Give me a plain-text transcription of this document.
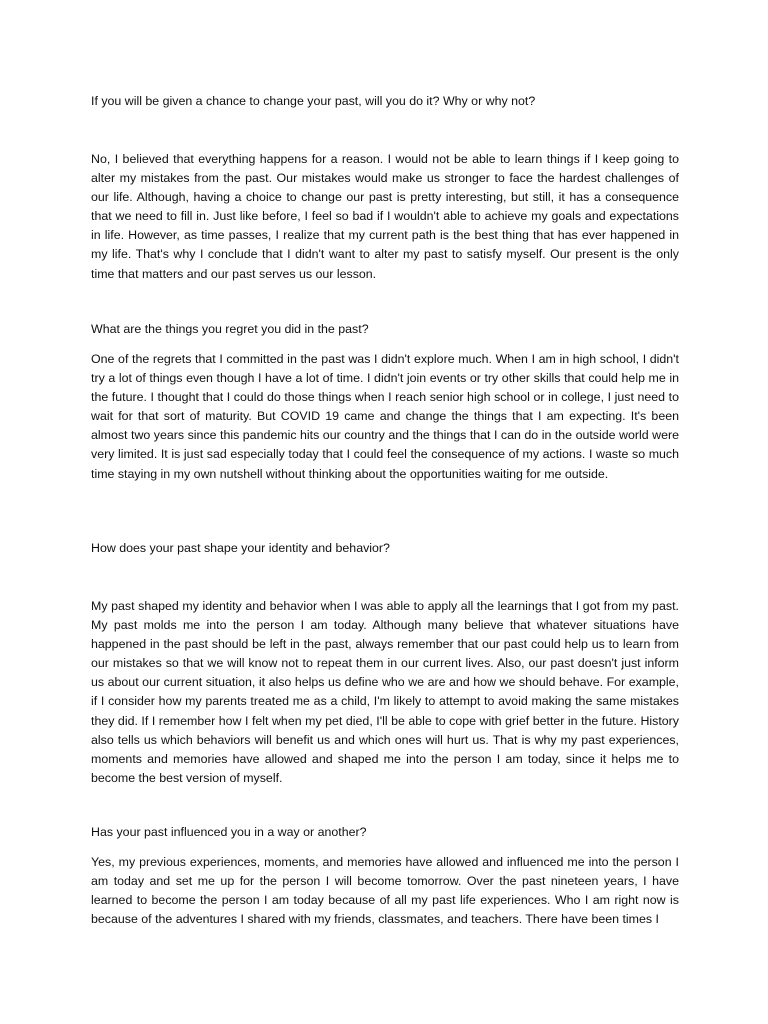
If you will be given a chance to change your past, will you do it? Why or why not?

No, I believed that everything happens for a reason. I would not be able to learn things if I keep going to alter my mistakes from the past. Our mistakes would make us stronger to face the hardest challenges of our life. Although, having a choice to change our past is pretty interesting, but still, it has a consequence that we need to fill in. Just like before, I feel so bad if I wouldn't able to achieve my goals and expectations in life. However, as time passes, I realize that my current path is the best thing that has ever happened in my life. That's why I conclude that I didn't want to alter my past to satisfy myself. Our present is the only time that matters and our past serves us our lesson.

What are the things you regret you did in the past?

One of the regrets that I committed in the past was I didn't explore much. When I am in high school, I didn't try a lot of things even though I have a lot of time. I didn't join events or try other skills that could help me in the future. I thought that I could do those things when I reach senior high school or in college, I just need to wait for that sort of maturity. But COVID 19 came and change the things that I am expecting. It's been almost two years since this pandemic hits our country and the things that I can do in the outside world were very limited. It is just sad especially today that I could feel the consequence of my actions. I waste so much time staying in my own nutshell without thinking about the opportunities waiting for me outside.

How does your past shape your identity and behavior?

My past shaped my identity and behavior when I was able to apply all the learnings that I got from my past. My past molds me into the person I am today. Although many believe that whatever situations have happened in the past should be left in the past, always remember that our past could help us to learn from our mistakes so that we will know not to repeat them in our current lives. Also, our past doesn't just inform us about our current situation, it also helps us define who we are and how we should behave. For example, if I consider how my parents treated me as a child, I'm likely to attempt to avoid making the same mistakes they did. If I remember how I felt when my pet died, I'll be able to cope with grief better in the future. History also tells us which behaviors will benefit us and which ones will hurt us. That is why my past experiences, moments and memories have allowed and shaped me into the person I am today, since it helps me to become the best version of myself.

Has your past influenced you in a way or another?

Yes, my previous experiences, moments, and memories have allowed and influenced me into the person I am today and set me up for the person I will become tomorrow. Over the past nineteen years, I have learned to become the person I am today because of all my past life experiences. Who I am right now is because of the adventures I shared with my friends, classmates, and teachers. There have been times I
